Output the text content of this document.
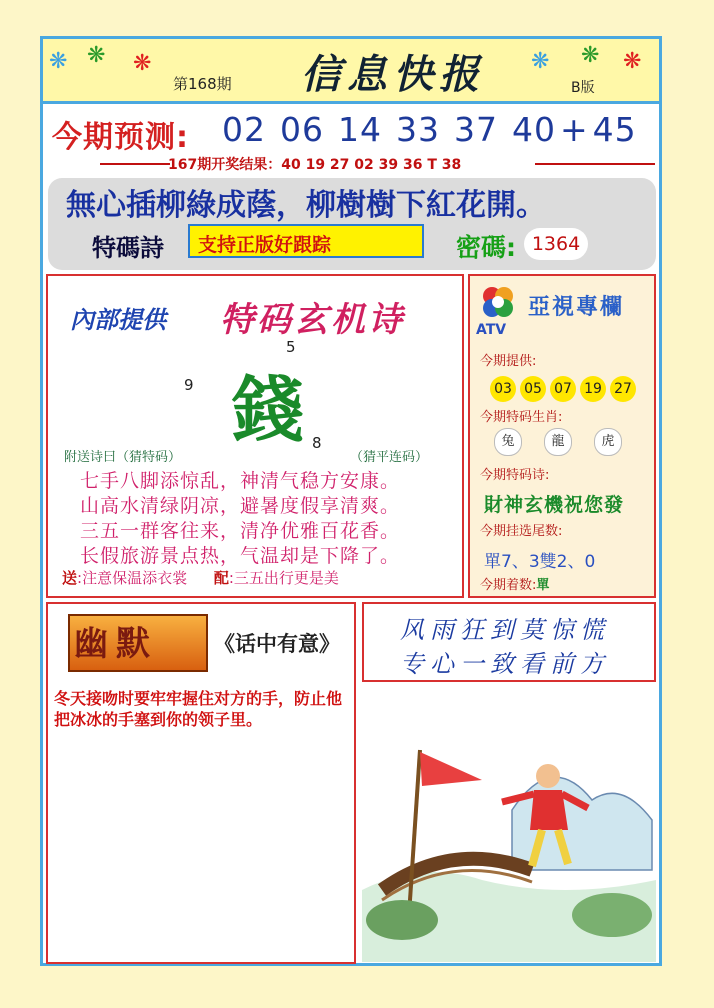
❋ ❋ ❋	❋ ❋ ❋
第168期 信息快报	B版
今期预测: 02 06 14 33 37 40 + 45
167期开奖结果：40 19 27 02 39 36 T 38
無心插柳綠成蔭，柳樹樹下紅花開。
特碼詩 支持正版好跟踪	密碼: 1364
內部提供 特码玄机诗
5
9 錢 8
附送诗曰（猜特码）	（猜平连码）
七手八脚添惊乱，神清气稳方安康。
山高水清绿阴凉，避暑度假享清爽。
三五一群客往来，清净优雅百花香。
长假旅游景点热，气温却是下降了。
送:注意保温添衣裳 配:三五出行更是美
ATV
亞視專欄
今期提供:
03 05 07 19 27
今期特码生肖:
兔	龍	虎
今期特码诗:
財神玄機祝您發
今期挂选尾数:
單7、3雙2、0
今期着数:單
幽默	《话中有意》
冬天接吻时要牢牢握住对方的手，防止他把冰冰的手塞到你的领子里。
风雨狂到莫惊慌
专心一致看前方
